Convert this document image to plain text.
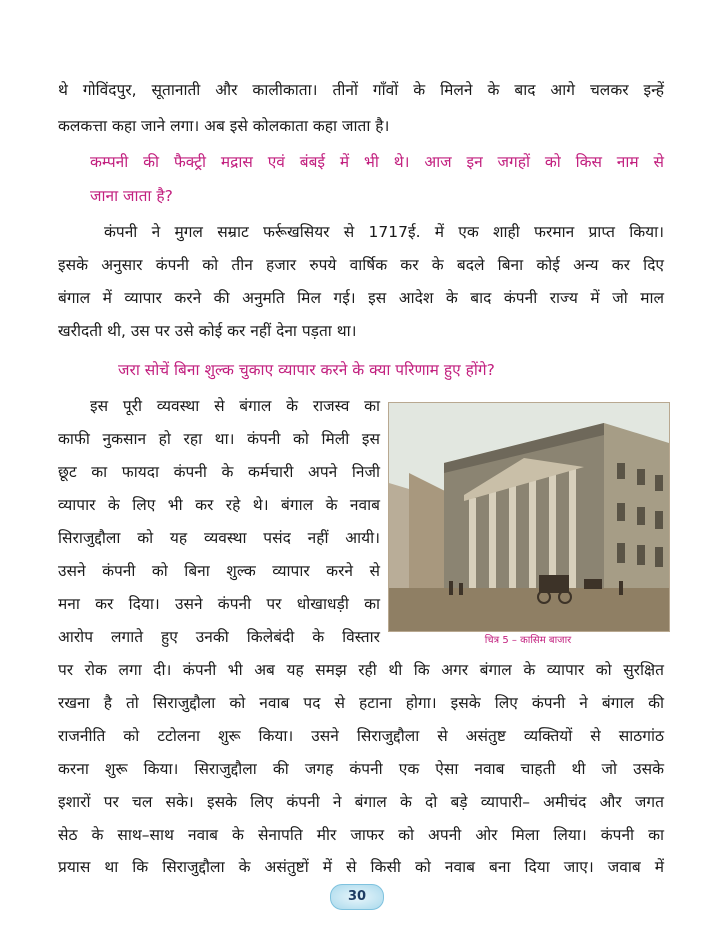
थे गोविंदपुर, सूतानाती और कालीकाता। तीनों गाँवों के मिलने के बाद आगे चलकर इन्हें
कलकत्ता कहा जाने लगा। अब इसे कोलकाता कहा जाता है।
कम्पनी की फैक्ट्री मद्रास एवं बंबई में भी थे। आज इन जगहों को किस नाम से
जाना जाता है?
कंपनी ने मुगल सम्राट फर्रूखसियर से 1717ई. में एक शाही फरमान प्राप्त किया।
इसके अनुसार कंपनी को तीन हजार रुपये वार्षिक कर के बदले बिना कोई अन्य कर दिए
बंगाल में व्यापार करने की अनुमति मिल गई। इस आदेश के बाद कंपनी राज्य में जो माल
खरीदती थी, उस पर उसे कोई कर नहीं देना पड़ता था।
जरा सोचें बिना शुल्क चुकाए व्यापार करने के क्या परिणाम हुए होंगे?
इस पूरी व्यवस्था से बंगाल के राजस्व का
काफी नुकसान हो रहा था। कंपनी को मिली इस
छूट का फायदा कंपनी के कर्मचारी अपने निजी
व्यापार के लिए भी कर रहे थे। बंगाल के नवाब
सिराजुद्दौला को यह व्यवस्था पसंद नहीं आयी।
उसने कंपनी को बिना शुल्क व्यापार करने से
मना कर दिया। उसने कंपनी पर धोखाधड़ी का
आरोप लगाते हुए उनकी किलेबंदी के विस्तार	चित्र 5 – कासिम बाजार
पर रोक लगा दी। कंपनी भी अब यह समझ रही थी कि अगर बंगाल के व्यापार को सुरक्षित
रखना है तो सिराजुद्दौला को नवाब पद से हटाना होगा। इसके लिए कंपनी ने बंगाल की
राजनीति को टटोलना शुरू किया। उसने सिराजुद्दौला से असंतुष्ट व्यक्तियों से साठगांठ
करना शुरू किया। सिराजुद्दौला की जगह कंपनी एक ऐसा नवाब चाहती थी जो उसके
इशारों पर चल सके। इसके लिए कंपनी ने बंगाल के दो बड़े व्यापारी– अमीचंद और जगत
सेठ के साथ–साथ नवाब के सेनापति मीर जाफर को अपनी ओर मिला लिया। कंपनी का
प्रयास था कि सिराजुद्दौला के असंतुष्टों में से किसी को नवाब बना दिया जाए। जवाब में
30
